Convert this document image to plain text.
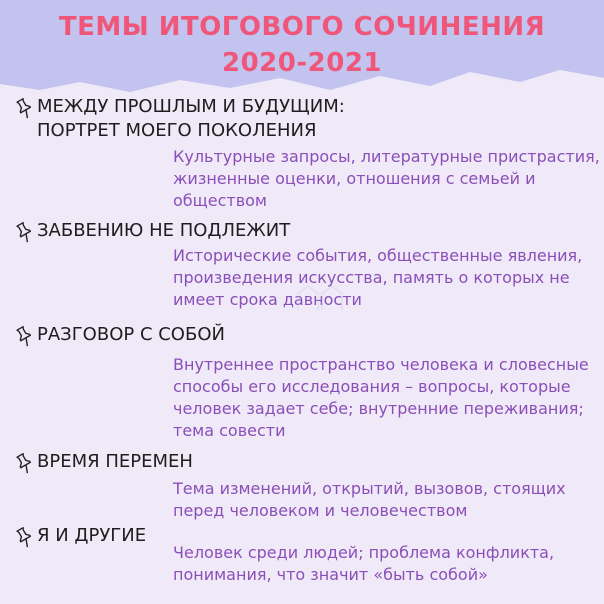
ТЕМЫ ИТОГОВОГО СОЧИНЕНИЯ
2020-2021
МЕЖДУ ПРОШЛЫМ И БУДУЩИМ:
ПОРТРЕТ МОЕГО ПОКОЛЕНИЯ
Культурные запросы, литературные пристрастия, жизненные оценки, отношения с семьей и обществом
ЗАБВЕНИЮ НЕ ПОДЛЕЖИТ
Исторические события, общественные явления, произведения искусства, память о которых не имеет срока давности
РАЗГОВОР С СОБОЙ
Внутреннее пространство человека и словесные способы его исследования – вопросы, которые человек задает себе; внутренние переживания; тема совести
ВРЕМЯ ПЕРЕМЕН
Тема изменений, открытий, вызовов, стоящих перед человеком и человечеством
Я И ДРУГИЕ
Человек среди людей; проблема конфликта, понимания, что значит «быть собой»
